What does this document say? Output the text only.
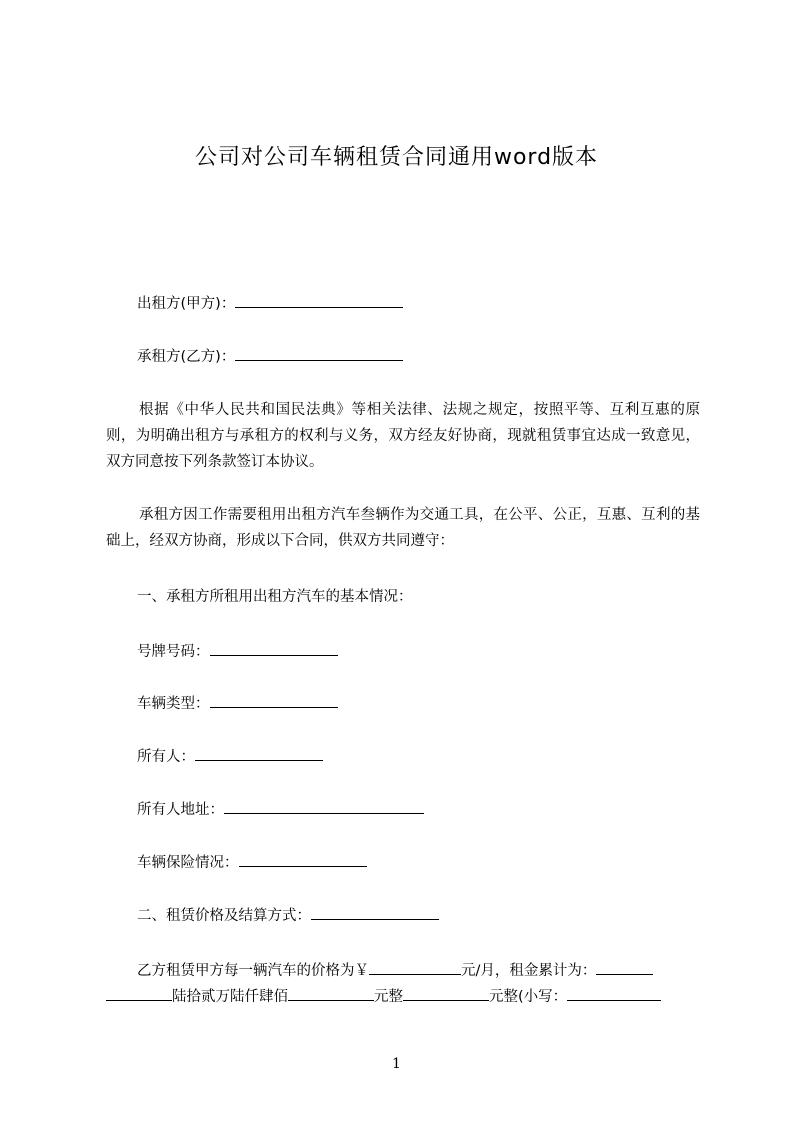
公司对公司车辆租赁合同通用word版本
出租方(甲方)：
承租方(乙方)：
根据《中华人民共和国民法典》等相关法律、法规之规定，按照平等、互利互惠的原则，为明确出租方与承租方的权利与义务，双方经友好协商，现就租赁事宜达成一致意见，双方同意按下列条款签订本协议。
承租方因工作需要租用出租方汽车叁辆作为交通工具，在公平、公正，互惠、互利的基础上，经双方协商，形成以下合同，供双方共同遵守：
一、承租方所租用出租方汽车的基本情况：
号牌号码：
车辆类型：
所有人：
所有人地址：
车辆保险情况：
二、租赁价格及结算方式：
乙方租赁甲方每一辆汽车的价格为￥	元/月，租金累计为：
陆拾贰万陆仟肆佰	元整	元整(小写：
1
